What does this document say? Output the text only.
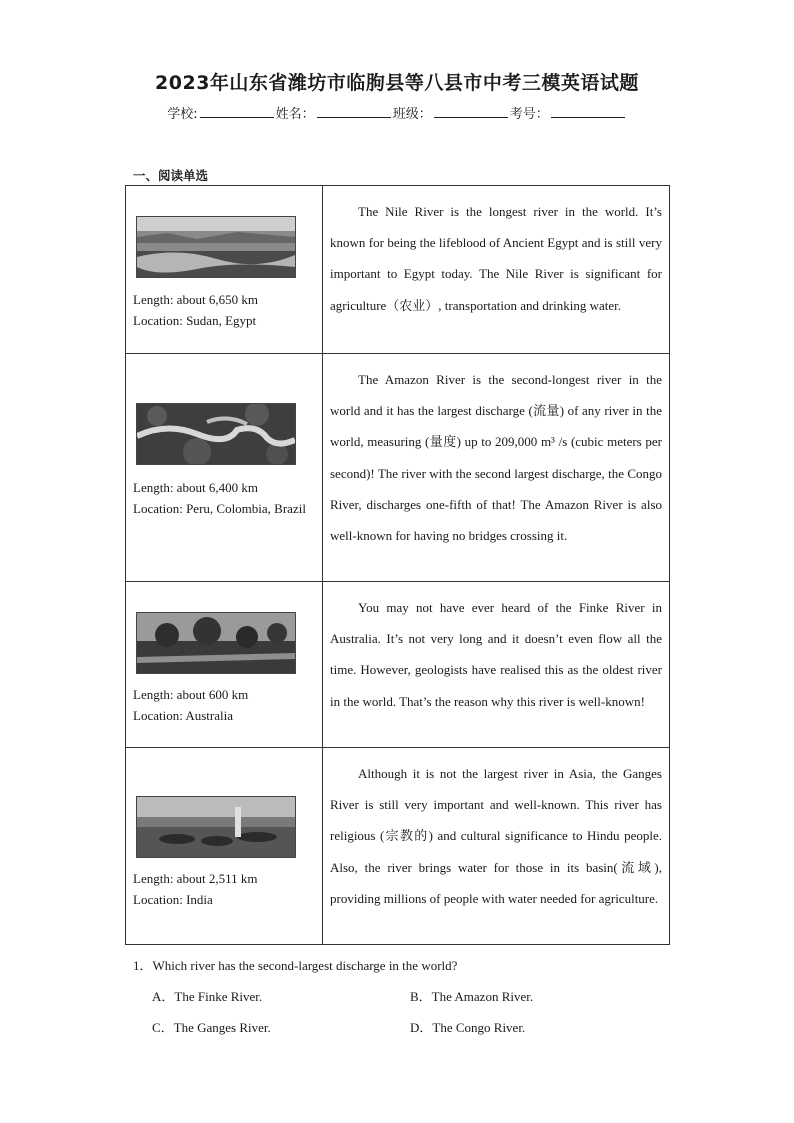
2023年山东省潍坊市临朐县等八县市中考三模英语试题
学校:	姓名：	班级：	考号：
一、阅读单选
Length: about 6,650 km
Location: Sudan, Egypt	The Nile River is the longest river in the world. It’s known for being the lifeblood of Ancient Egypt and is still very important to Egypt today. The Nile River is significant for agriculture（农业）, transportation and drinking water.

Length: about 6,400 km
Location: Peru, Colombia, Brazil	The Amazon River is the second-longest river in the world and it has the largest discharge (流量) of any river in the world, measuring (量度) up to 209,000 m³ /s (cubic meters per second)! The river with the second largest discharge, the Congo River, discharges one-fifth of that! The Amazon River is also well-known for having no bridges crossing it.

Length: about 600 km
Location: Australia	You may not have ever heard of the Finke River in Australia. It’s not very long and it doesn’t even flow all the time. However, geologists have realised this as the oldest river in the world. That’s the reason why this river is well-known!

Length: about 2,511 km
Location: India	Although it is not the largest river in Asia, the Ganges River is still very important and well-known. This river has religious (宗教的) and cultural significance to Hindu people. Also, the river brings water for those in its basin(流域), providing millions of people with water needed for agriculture.
1．Which river has the second-largest discharge in the world?
A．The Finke River.	B．The Amazon River.
C．The Ganges River.	D．The Congo River.
